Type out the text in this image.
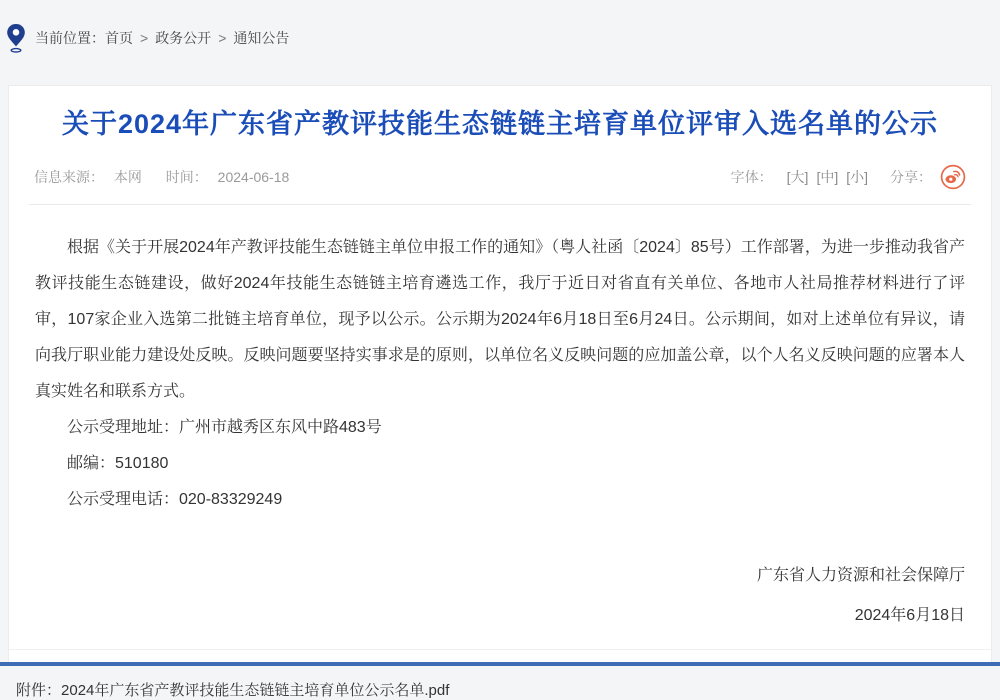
当前位置： 首页 > 政务公开 > 通知公告
关于2024年广东省产教评技能生态链链主培育单位评审入选名单的公示
信息来源： 本网 时间： 2024-06-18	字体： [大] [中] [小] 分享：

根据《关于开展2024年产教评技能生态链链主单位申报工作的通知》（粤人社函〔2024〕85号）工作部署，为进一步推动我省产教评技能生态链建设，做好2024年技能生态链链主培育遴选工作，我厅于近日对省直有关单位、各地市人社局推荐材料进行了评审，107家企业入选第二批链主培育单位，现予以公示。公示期为2024年6月18日至6月24日。公示期间，如对上述单位有异议，请向我厅职业能力建设处反映。反映问题要坚持实事求是的原则，以单位名义反映问题的应加盖公章，以个人名义反映问题的应署本人真实姓名和联系方式。

公示受理地址：广州市越秀区东风中路483号

邮编：510180

公示受理电话：020-83329249

广东省人力资源和社会保障厅
2024年6月18日
附件：2024年广东省产教评技能生态链链主培育单位公示名单.pdf
